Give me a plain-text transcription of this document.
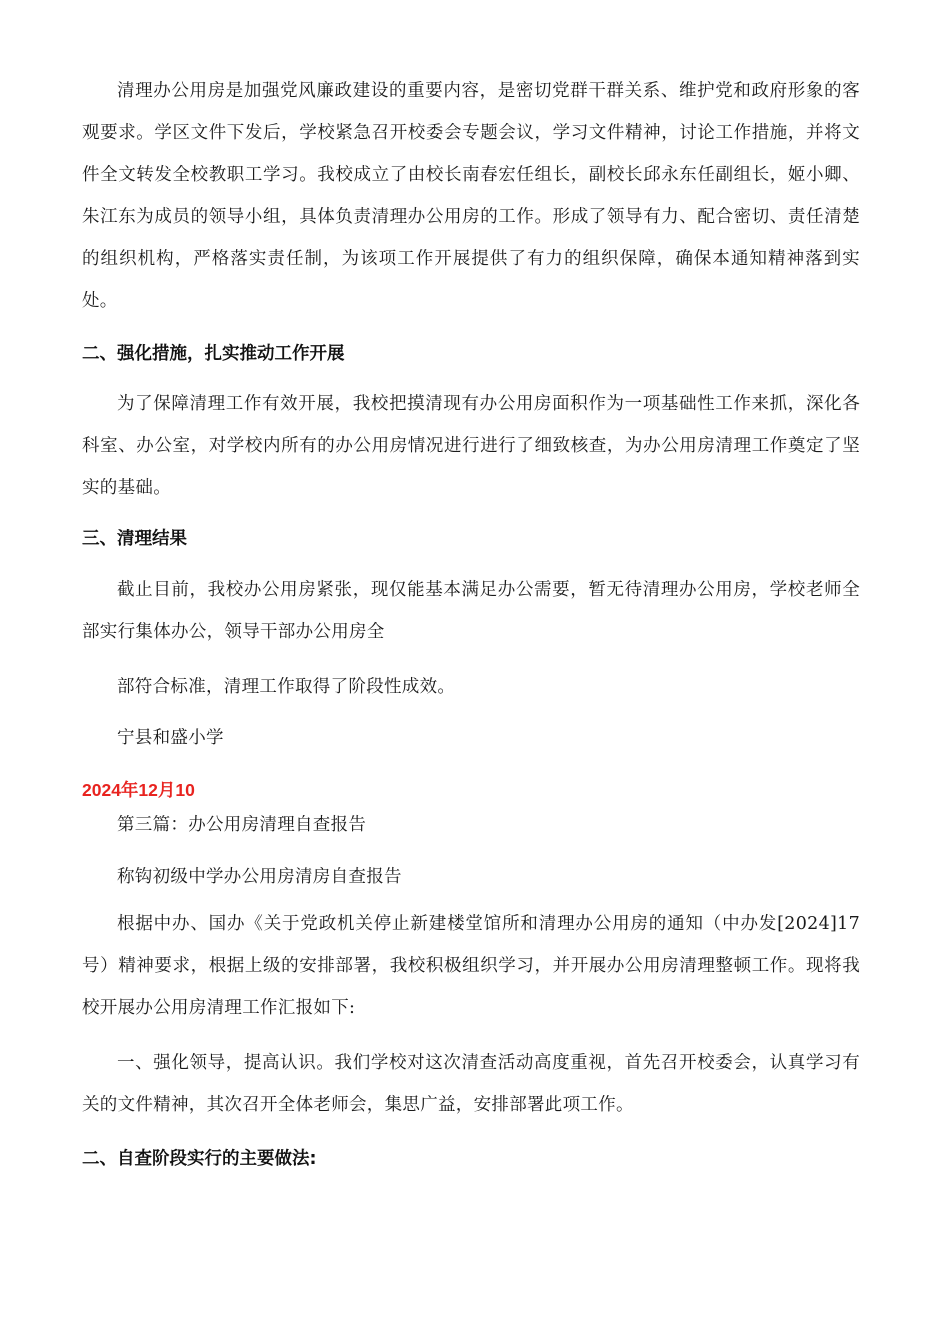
清理办公用房是加强党风廉政建设的重要内容，是密切党群干群关系、维护党和政府形象的客观要求。学区文件下发后，学校紧急召开校委会专题会议，学习文件精神，讨论工作措施，并将文件全文转发全校教职工学习。我校成立了由校长南春宏任组长，副校长邱永东任副组长，姬小卿、朱江东为成员的领导小组，具体负责清理办公用房的工作。形成了领导有力、配合密切、责任清楚的组织机构，严格落实责任制，为该项工作开展提供了有力的组织保障，确保本通知精神落到实处。

二、强化措施，扎实推动工作开展

为了保障清理工作有效开展，我校把摸清现有办公用房面积作为一项基础性工作来抓，深化各科室、办公室，对学校内所有的办公用房情况进行进行了细致核查，为办公用房清理工作奠定了坚实的基础。

三、清理结果

截止目前，我校办公用房紧张，现仅能基本满足办公需要，暂无待清理办公用房，学校老师全部实行集体办公，领导干部办公用房全

部符合标准，清理工作取得了阶段性成效。

宁县和盛小学

2024年12月10

第三篇：办公用房清理自查报告

称钩初级中学办公用房清房自查报告

根据中办、国办《关于党政机关停止新建楼堂馆所和清理办公用房的通知（中办发[2024]17号）精神要求，根据上级的安排部署，我校积极组织学习，并开展办公用房清理整顿工作。现将我校开展办公用房清理工作汇报如下:

一、强化领导，提高认识。我们学校对这次清查活动高度重视，首先召开校委会，认真学习有关的文件精神，其次召开全体老师会，集思广益，安排部署此项工作。

二、自查阶段实行的主要做法:
